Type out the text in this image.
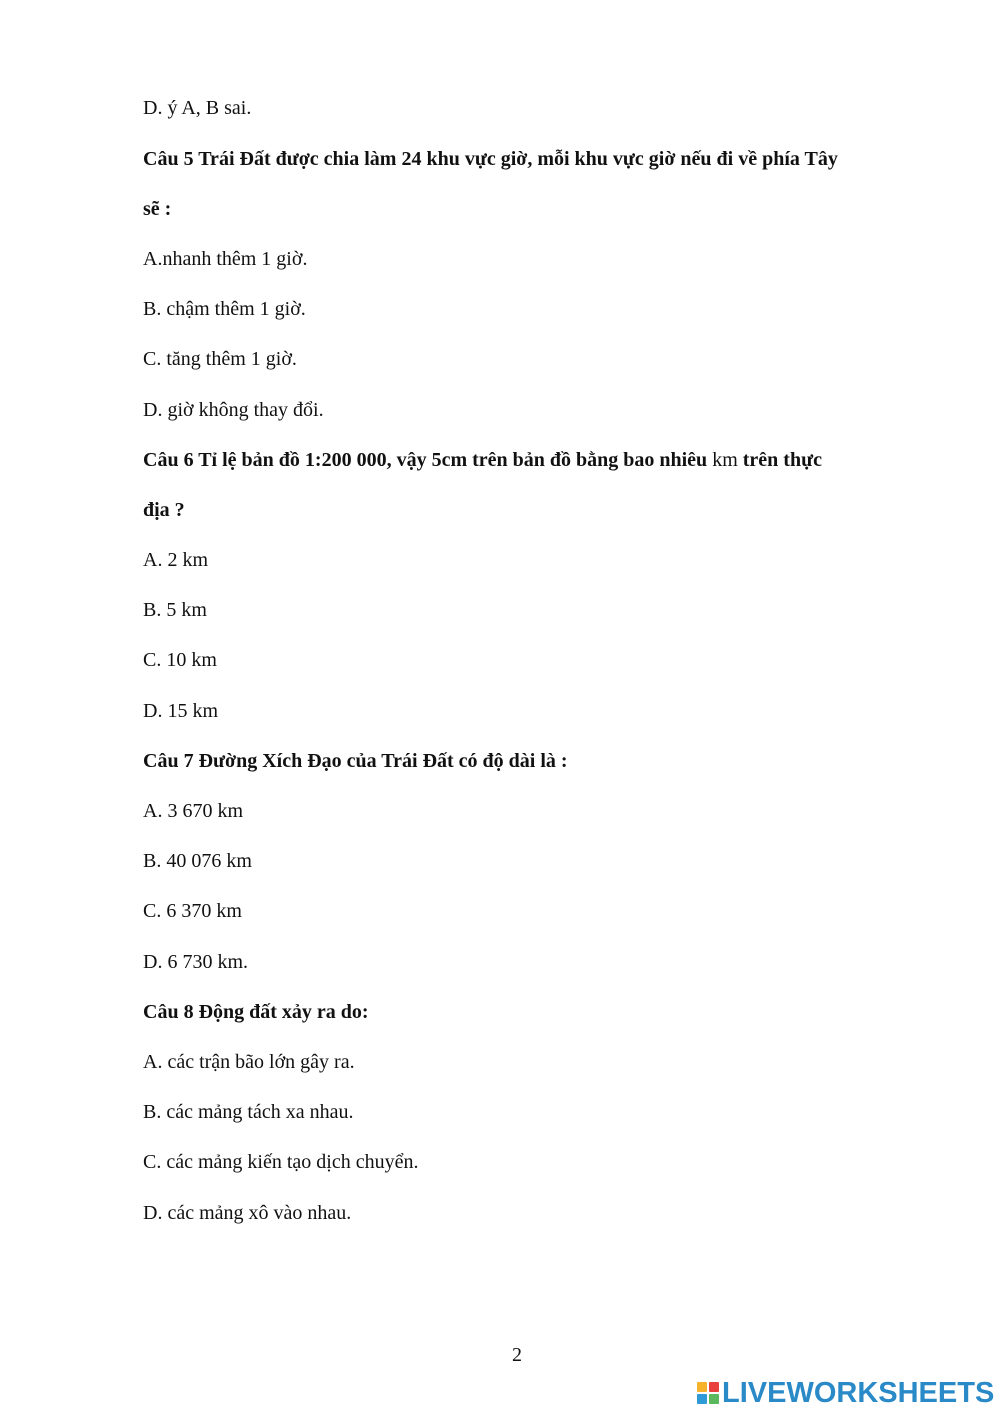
D. ý A, B sai.
Câu 5 Trái Đất được chia làm 24 khu vực giờ, mỗi khu vực giờ nếu đi về phía Tây
sẽ :
A.nhanh thêm 1 giờ.
B. chậm thêm 1 giờ.
C. tăng thêm 1 giờ.
D. giờ không thay đổi.
Câu 6 Tỉ lệ bản đồ 1:200 000, vậy 5cm trên bản đồ bằng bao nhiêu km trên thực
địa ?
A. 2 km
B. 5 km
C. 10 km
D. 15 km
Câu 7 Đường Xích Đạo của Trái Đất có độ dài là :
A. 3 670 km
B. 40 076 km
C. 6 370 km
D. 6 730 km.
Câu 8 Động đất xảy ra do:
A. các trận bão lớn gây ra.
B. các mảng tách xa nhau.
C. các mảng kiến tạo dịch chuyển.
D. các mảng xô vào nhau.
2
LIVEWORKSHEETS
